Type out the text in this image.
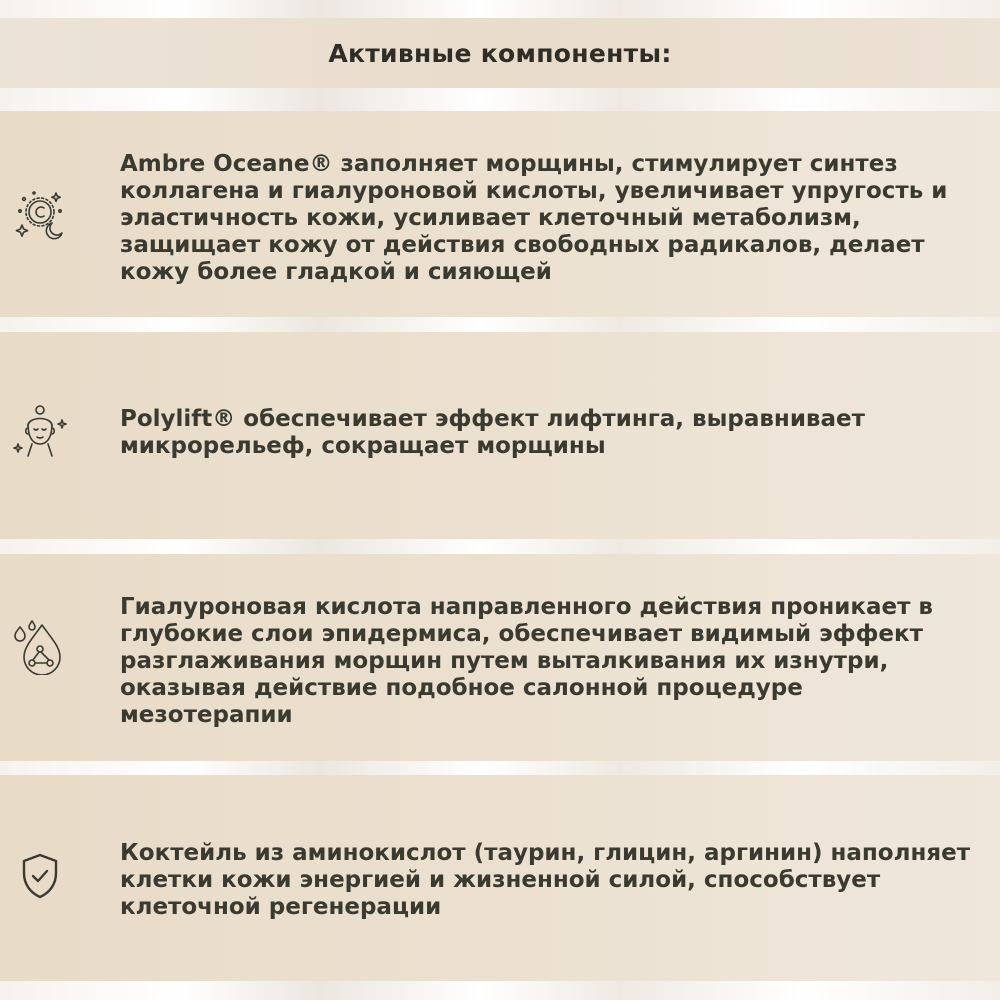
Активные компоненты:

Ambre Oceane® заполняет морщины, стимулирует синтез коллагена и гиалуроновой кислоты, увеличивает упругость и эластичность кожи, усиливает клеточный метаболизм, защищает кожу от действия свободных радикалов, делает кожу более гладкой и сияющей

Polylift® обеспечивает эффект лифтинга, выравнивает микрорельеф, сокращает морщины

Гиалуроновая кислота направленного действия проникает в глубокие слои эпидермиса, обеспечивает видимый эффект разглаживания морщин путем выталкивания их изнутри, оказывая действие подобное салонной процедуре мезотерапии

Коктейль из аминокислот (таурин, глицин, аргинин) наполняет клетки кожи энергией и жизненной силой, способствует клеточной регенерации
